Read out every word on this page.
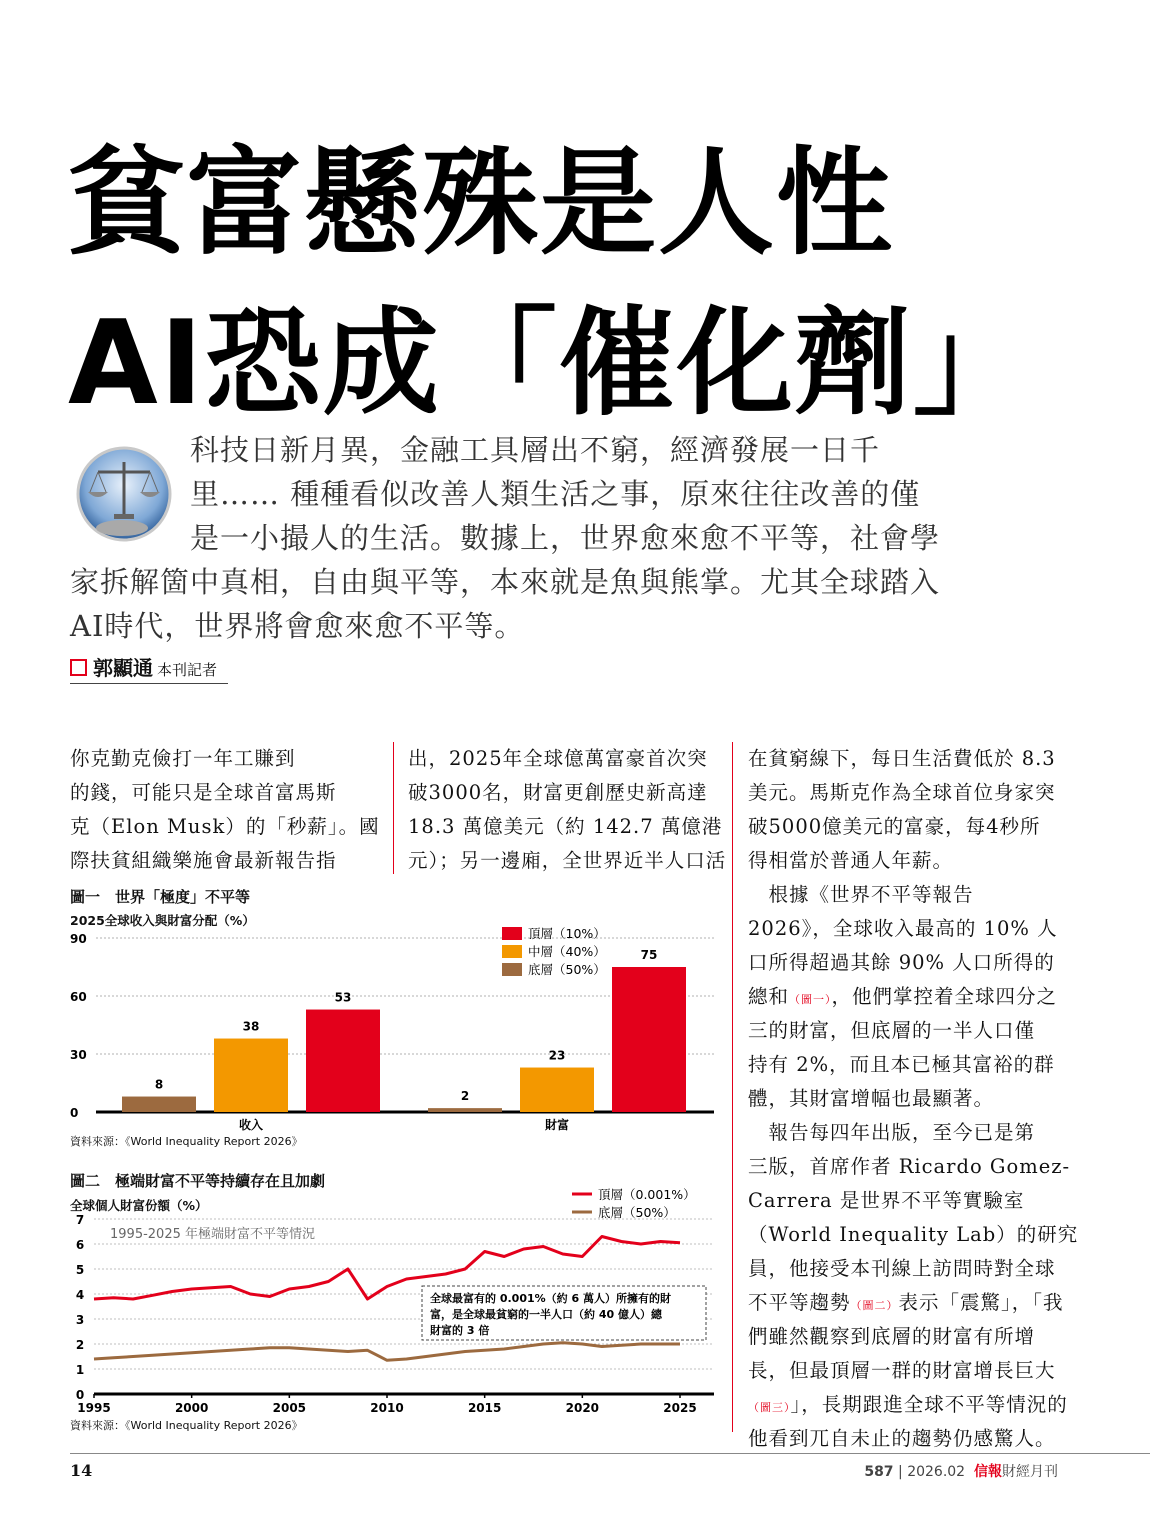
貧富懸殊是人性
AI恐成「催化劑」
科技日新月異，金融工具層出不窮，經濟發展一日千
里…… 種種看似改善人類生活之事，原來往往改善的僅
是一小撮人的生活。數據上，世界愈來愈不平等，社會學
家拆解箇中真相，自由與平等，本來就是魚與熊掌。尤其全球踏入
AI時代，世界將會愈來愈不平等。
郭顯通 本刊記者
你克勤克儉打一年工賺到
的錢，可能只是全球首富馬斯
克（Elon Musk）的「秒薪」。國
際扶貧組織樂施會最新報告指
出，2025年全球億萬富豪首次突
破3000名，財富更創歷史新高達
18.3 萬億美元（約 142.7 萬億港
元）；另一邊廂，全世界近半人口活
在貧窮線下，每日生活費低於 8.3
美元。馬斯克作為全球首位身家突
破5000億美元的富豪，每4秒所
得相當於普通人年薪。
　根據《世界不平等報告
2026》，全球收入最高的 10% 人
口所得超過其餘 90% 人口所得的
總和（圖一），他們掌控着全球四分之
三的財富，但底層的一半人口僅
持有 2%，而且本已極其富裕的群
體，其財富增幅也最顯著。
　報告每四年出版，至今已是第
三版，首席作者 Ricardo Gomez-
Carrera 是世界不平等實驗室
（World Inequality Lab）的研究
員，他接受本刊線上訪問時對全球
不平等趨勢（圖二）表示「震驚」，「我
們雖然觀察到底層的財富有所增
長，但最頂層一群的財富增長巨大
（圖三）」，長期跟進全球不平等情況的
他看到兀自未止的趨勢仍感驚人。
圖一　世界「極度」不平等
2025全球收入與財富分配（%）
0
30
60
90
8
38
53
收入
2
23
75
財富
頂層（10%）
中層（40%）
底層（50%）
資料來源：《World Inequality Report 2026》
圖二　極端財富不平等持續存在且加劇
全球個人財富份額（%）
0
1
2
3
4
5
6
7
1995	2000	2005	2010	2015	2020	2025
1995-2025 年極端財富不平等情況
頂層（0.001%）
底層（50%）
全球最富有的 0.001%（約 6 萬人）所擁有的財
富，是全球最貧窮的一半人口（約 40 億人）總
財富的 3 倍
資料來源：《World Inequality Report 2026》
14	587 | 2026.02 信報財經月刊
